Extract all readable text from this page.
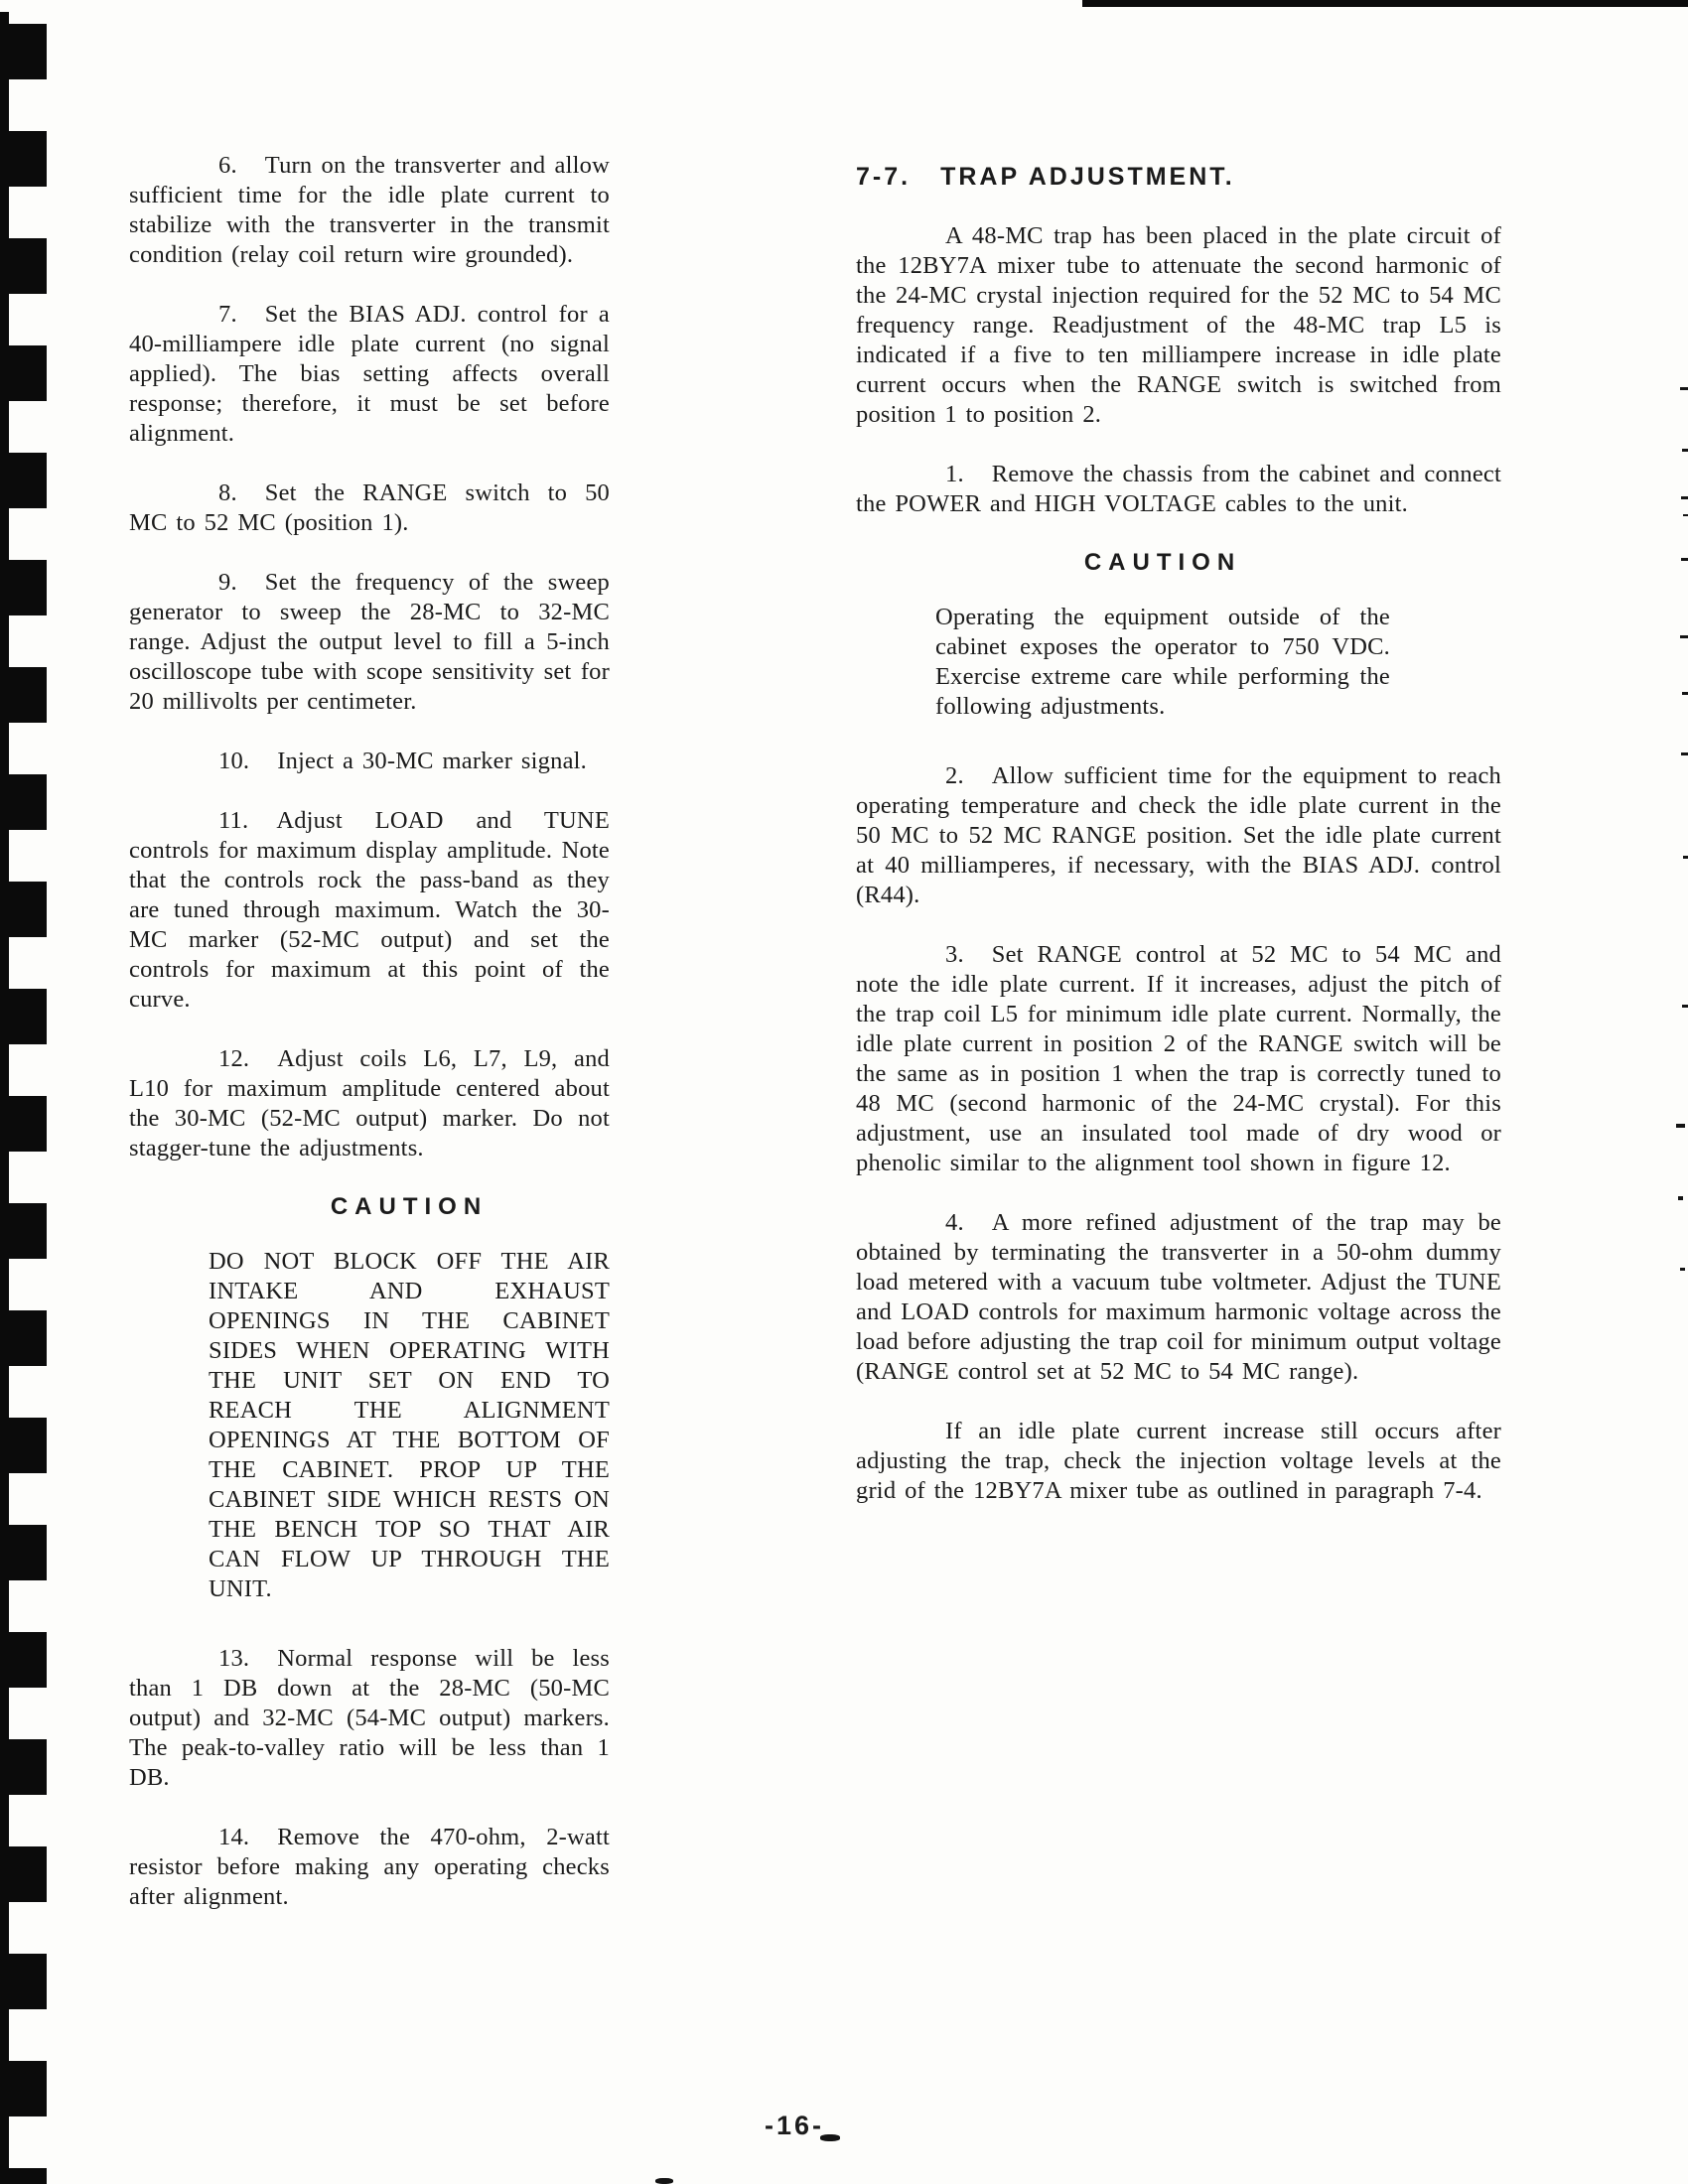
6. Turn on the transverter and allow sufficient time for the idle plate current to stabilize with the transverter in the transmit condition (relay coil return wire grounded).

7. Set the BIAS ADJ. control for a 40-milliampere idle plate current (no signal applied). The bias setting affects overall response; therefore, it must be set before alignment.

8. Set the RANGE switch to 50 MC to 52 MC (position 1).

9. Set the frequency of the sweep generator to sweep the 28-MC to 32-MC range. Adjust the output level to fill a 5-inch oscilloscope tube with scope sensitivity set for 20 millivolts per centimeter.

10. Inject a 30-MC marker signal.

11. Adjust LOAD and TUNE controls for maximum display amplitude. Note that the controls rock the pass-band as they are tuned through maximum. Watch the 30-MC marker (52-MC output) and set the controls for maximum at this point of the curve.

12. Adjust coils L6, L7, L9, and L10 for maximum amplitude centered about the 30-MC (52-MC output) marker. Do not stagger-tune the adjustments.

CAUTION

DO NOT BLOCK OFF THE AIR INTAKE AND EXHAUST OPENINGS IN THE CABINET SIDES WHEN OPERATING WITH THE UNIT SET ON END TO REACH THE ALIGNMENT OPENINGS AT THE BOTTOM OF THE CABINET. PROP UP THE CABINET SIDE WHICH RESTS ON THE BENCH TOP SO THAT AIR CAN FLOW UP THROUGH THE UNIT.

13. Normal response will be less than 1 DB down at the 28-MC (50-MC output) and 32-MC (54-MC output) markers. The peak-to-valley ratio will be less than 1 DB.

14. Remove the 470-ohm, 2-watt resistor before making any operating checks after alignment.

7-7. TRAP ADJUSTMENT.

A 48-MC trap has been placed in the plate circuit of the 12BY7A mixer tube to attenuate the second harmonic of the 24-MC crystal injection required for the 52 MC to 54 MC frequency range. Readjustment of the 48-MC trap L5 is indicated if a five to ten milliampere increase in idle plate current occurs when the RANGE switch is switched from position 1 to position 2.

1. Remove the chassis from the cabinet and connect the POWER and HIGH VOLTAGE cables to the unit.

CAUTION

Operating the equipment outside of the cabinet exposes the operator to 750 VDC. Exercise extreme care while performing the following adjustments.

2. Allow sufficient time for the equipment to reach operating temperature and check the idle plate current in the 50 MC to 52 MC RANGE position. Set the idle plate current at 40 milliamperes, if necessary, with the BIAS ADJ. control (R44).

3. Set RANGE control at 52 MC to 54 MC and note the idle plate current. If it increases, adjust the pitch of the trap coil L5 for minimum idle plate current. Normally, the idle plate current in position 2 of the RANGE switch will be the same as in position 1 when the trap is correctly tuned to 48 MC (second harmonic of the 24-MC crystal). For this adjustment, use an insulated tool made of dry wood or phenolic similar to the alignment tool shown in figure 12.

4. A more refined adjustment of the trap may be obtained by terminating the transverter in a 50-ohm dummy load metered with a vacuum tube voltmeter. Adjust the TUNE and LOAD controls for maximum harmonic voltage across the load before adjusting the trap coil for minimum output voltage (RANGE control set at 52 MC to 54 MC range).

If an idle plate current increase still occurs after adjusting the trap, check the injection voltage levels at the grid of the 12BY7A mixer tube as outlined in paragraph 7-4.

-16-
